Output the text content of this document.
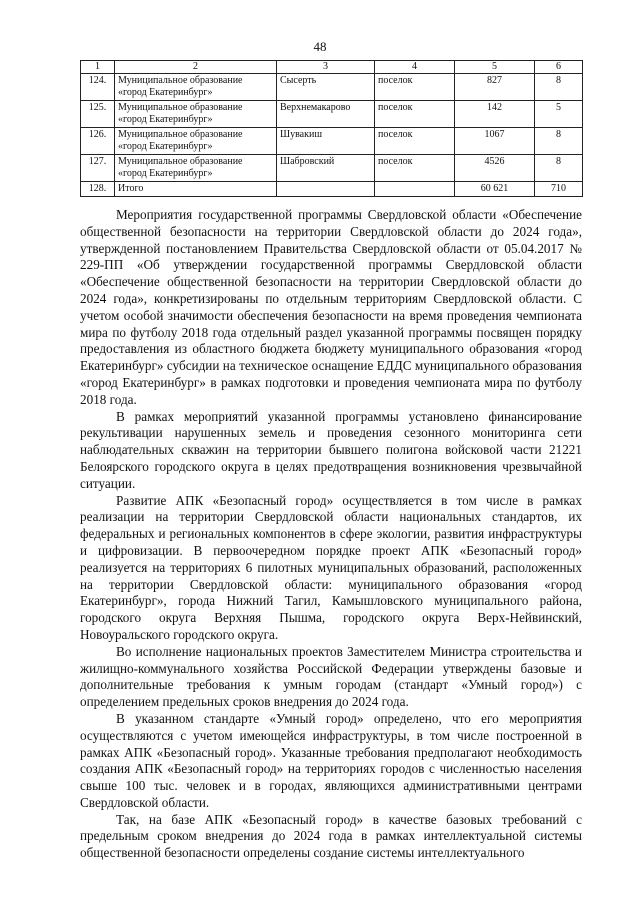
48
1	2	3	4	5	6
124.	Муниципальное образование «город Екатеринбург»	Сысерть	поселок	827	8
125.	Муниципальное образование «город Екатеринбург»	Верхнемакарово	поселок	142	5
126.	Муниципальное образование «город Екатеринбург»	Шувакиш	поселок	1067	8
127.	Муниципальное образование «город Екатеринбург»	Шабровский	поселок	4526	8
128.	Итого			60 621	710

Мероприятия государственной программы Свердловской области «Обеспечение общественной безопасности на территории Свердловской области до 2024 года», утвержденной постановлением Правительства Свердловской области от 05.04.2017 № 229-ПП «Об утверждении государственной программы Свердловской области «Обеспечение общественной безопасности на территории Свердловской области до 2024 года», конкретизированы по отдельным территориям Свердловской области. С учетом особой значимости обеспечения безопасности на время проведения чемпионата мира по футболу 2018 года отдельный раздел указанной программы посвящен порядку предоставления из областного бюджета бюджету муниципального образования «город Екатеринбург» субсидии на техническое оснащение ЕДДС муниципального образования «город Екатеринбург» в рамках подготовки и проведения чемпионата мира по футболу 2018 года.

В рамках мероприятий указанной программы установлено финансирование рекультивации нарушенных земель и проведения сезонного мониторинга сети наблюдательных скважин на территории бывшего полигона войсковой части 21221 Белоярского городского округа в целях предотвращения возникновения чрезвычайной ситуации.

Развитие АПК «Безопасный город» осуществляется в том числе в рамках реализации на территории Свердловской области национальных стандартов, их федеральных и региональных компонентов в сфере экологии, развития инфраструктуры и цифровизации. В первоочередном порядке проект АПК «Безопасный город» реализуется на территориях 6 пилотных муниципальных образований, расположенных на территории Свердловской области: муниципального образования «город Екатеринбург», города Нижний Тагил, Камышловского муниципального района, городского округа Верхняя Пышма, городского округа Верх-Нейвинский, Новоуральского городского округа.

Во исполнение национальных проектов Заместителем Министра строительства и жилищно-коммунального хозяйства Российской Федерации утверждены базовые и дополнительные требования к умным городам (стандарт «Умный город») с определением предельных сроков внедрения до 2024 года.

В указанном стандарте «Умный город» определено, что его мероприятия осуществляются с учетом имеющейся инфраструктуры, в том числе построенной в рамках АПК «Безопасный город». Указанные требования предполагают необходимость создания АПК «Безопасный город» на территориях городов с численностью населения свыше 100 тыс. человек и в городах, являющихся административными центрами Свердловской области.

Так, на базе АПК «Безопасный город» в качестве базовых требований с предельным сроком внедрения до 2024 года в рамках интеллектуальной системы общественной безопасности определены создание системы интеллектуального
